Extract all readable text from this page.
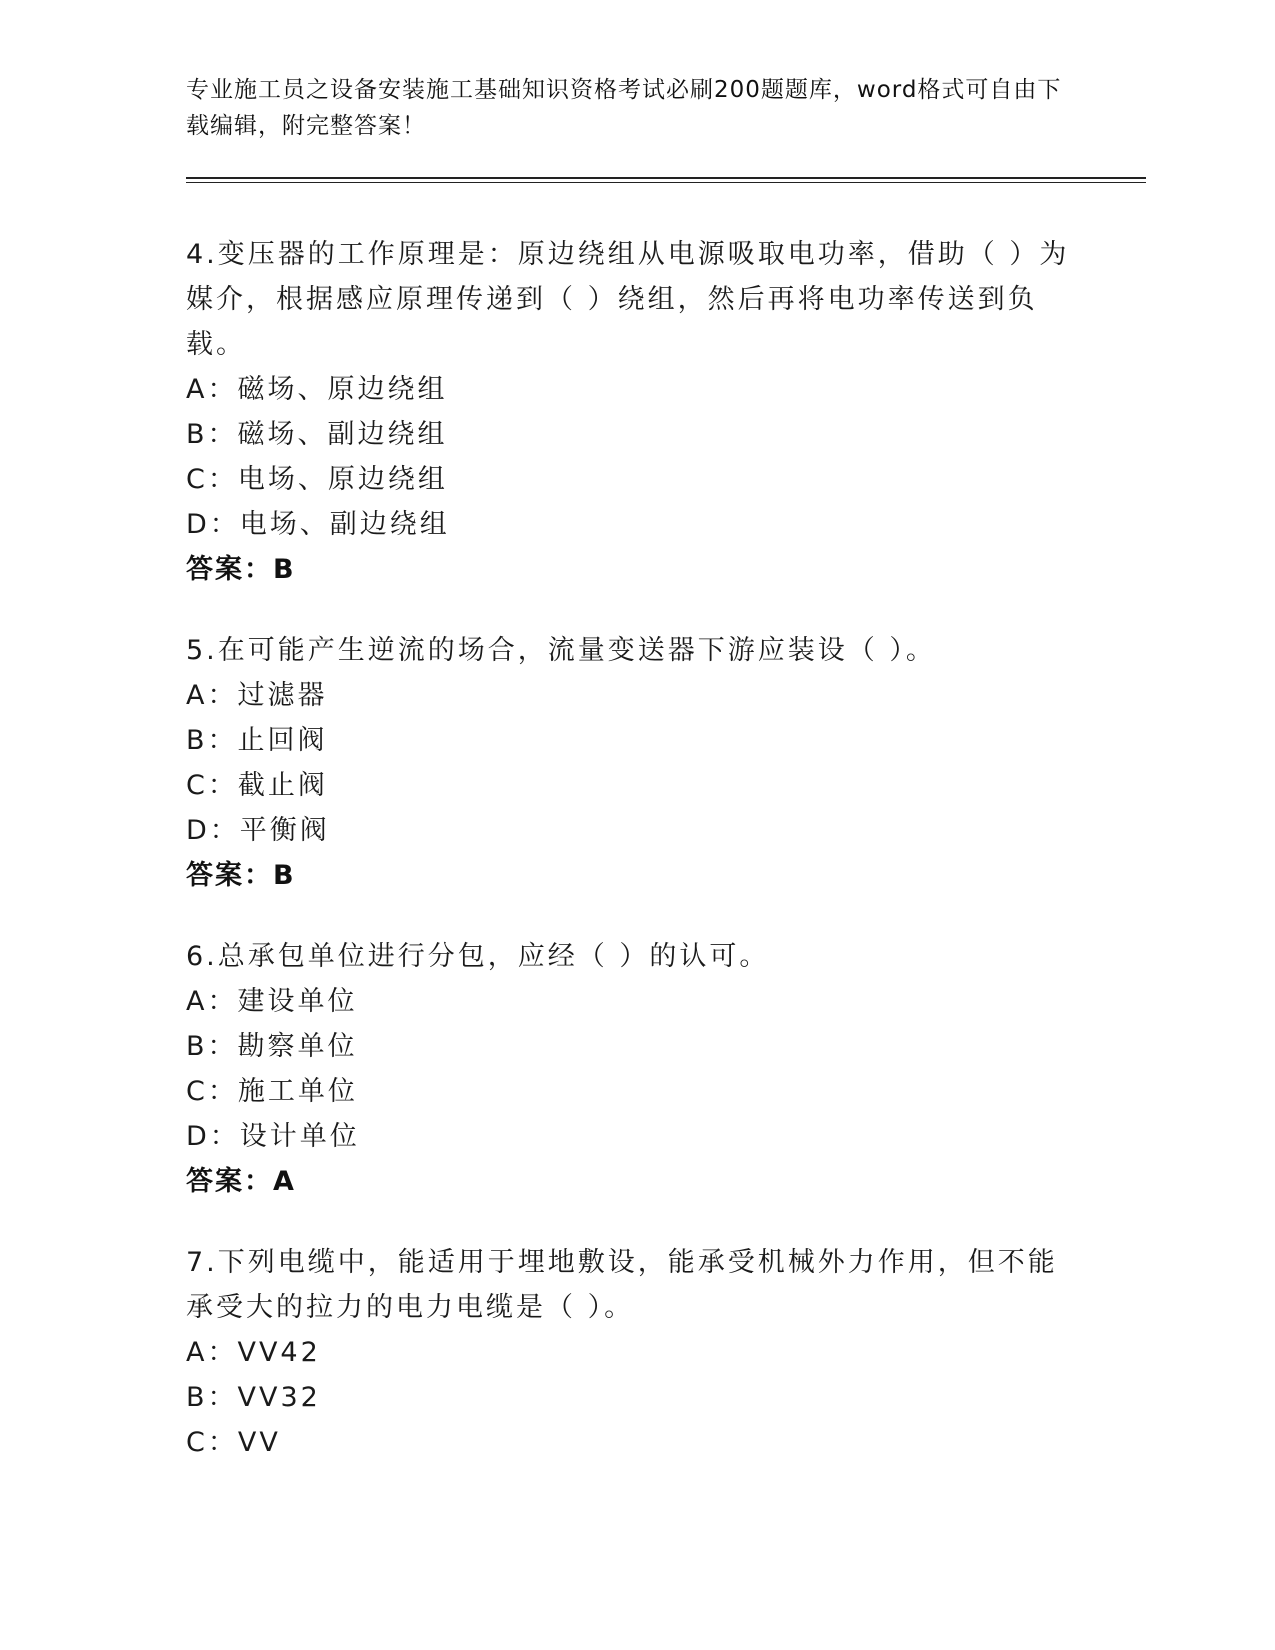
专业施工员之设备安装施工基础知识资格考试必刷200题题库，word格式可自由下载编辑，附完整答案！
4.变压器的工作原理是：原边绕组从电源吸取电功率，借助（ ）为媒介，根据感应原理传递到（ ）绕组，然后再将电功率传送到负载。
A：磁场、原边绕组
B：磁场、副边绕组
C：电场、原边绕组
D：电场、副边绕组
答案：B
5.在可能产生逆流的场合，流量变送器下游应装设（ ）。
A：过滤器
B：止回阀
C：截止阀
D：平衡阀
答案：B
6.总承包单位进行分包，应经（ ）的认可。
A：建设单位
B：勘察单位
C：施工单位
D：设计单位
答案：A
7.下列电缆中，能适用于埋地敷设，能承受机械外力作用，但不能承受大的拉力的电力电缆是（ ）。
A：VV42
B：VV32
C：VV
